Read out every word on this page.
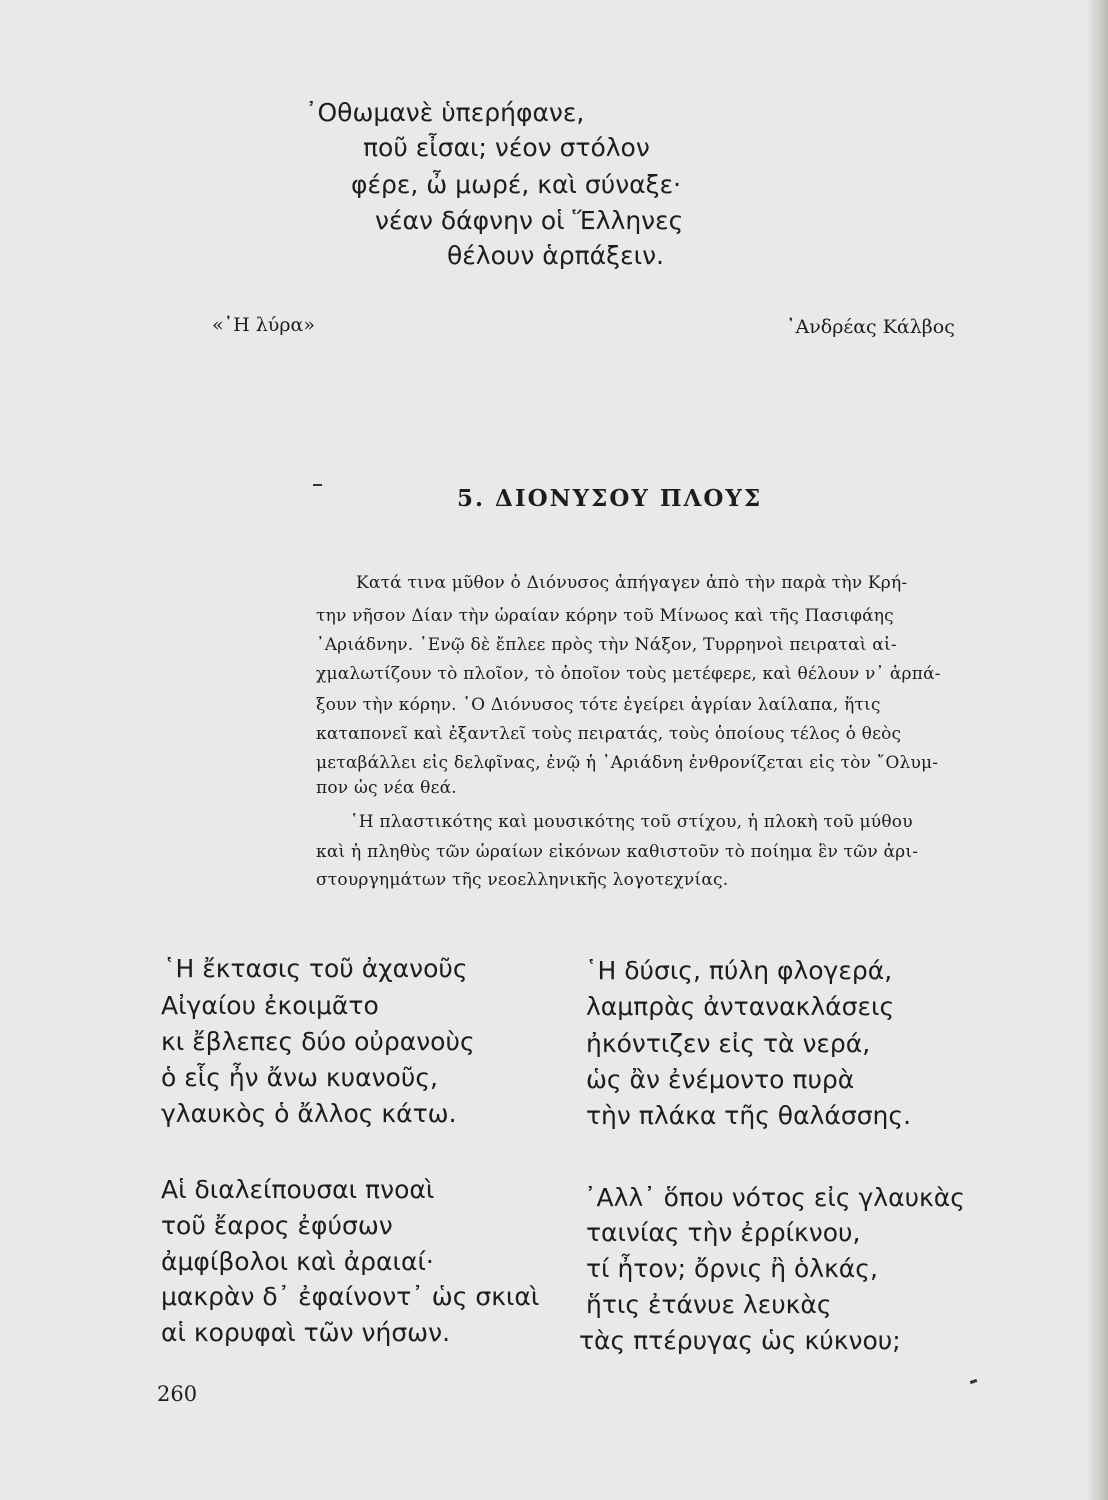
᾿Οθωμανὲ ὑπερήφανε,
ποῦ εἶσαι; νέον στόλον
φέρε, ὦ μωρέ, καὶ σύναξε·
νέαν δάφνην οἱ Ἕλληνες
θέλουν ἁρπάξειν.
«῾Η λύρα»	᾿Ανδρέας Κάλβος
5. ΔΙΟΝΥΣΟΥ ΠΛΟΥΣ
Κατά τινα μῦθον ὁ Διόνυσος ἀπήγαγεν ἀπὸ τὴν παρὰ τὴν Κρή-
την νῆσον Δίαν τὴν ὡραίαν κόρην τοῦ Μίνωος καὶ τῆς Πασιφάης
᾿Αριάδνην. ᾿Ενῷ δὲ ἔπλεε πρὸς τὴν Νάξον, Τυρρηνοὶ πειραταὶ αἰ-
χμαλωτίζουν τὸ πλοῖον, τὸ ὁποῖον τοὺς μετέφερε, καὶ θέλουν ν᾿ ἁρπά-
ξουν τὴν κόρην. ῾Ο Διόνυσος τότε ἐγείρει ἀγρίαν λαίλαπα, ἥτις
καταπονεῖ καὶ ἐξαντλεῖ τοὺς πειρατάς, τοὺς ὁποίους τέλος ὁ θεὸς
μεταβάλλει εἰς δελφῖνας, ἐνῷ ἡ ᾿Αριάδνη ἐνθρονίζεται εἰς τὸν ῎Ολυμ-
πον ὡς νέα θεά.
῾Η πλαστικότης καὶ μουσικότης τοῦ στίχου, ἡ πλοκὴ τοῦ μύθου
καὶ ἡ πληθὺς τῶν ὡραίων εἰκόνων καθιστοῦν τὸ ποίημα ἓν τῶν ἀρι-
στουργημάτων τῆς νεοελληνικῆς λογοτεχνίας.
῾Η ἔκτασις τοῦ ἀχανοῦς
Αἰγαίου ἐκοιμᾶτο
κι ἔβλεπες δύο οὐρανοὺς
ὁ εἷς ἦν ἄνω κυανοῦς,
γλαυκὸς ὁ ἄλλος κάτω.
Αἱ διαλείπουσαι πνοαὶ
τοῦ ἔαρος ἐφύσων
ἀμφίβολοι καὶ ἀραιαί·
μακρὰν δ᾿ ἐφαίνοντ᾿ ὡς σκιαὶ
αἱ κορυφαὶ τῶν νήσων.
῾Η δύσις, πύλη φλογερά,
λαμπρὰς ἀντανακλάσεις
ἠκόντιζεν εἰς τὰ νερά,
ὡς ἂν ἐνέμοντο πυρὰ
τὴν πλάκα τῆς θαλάσσης.
᾿Αλλ᾿ ὅπου νότος εἰς γλαυκὰς
ταινίας τὴν ἐρρίκνου,
τί ἦτον; ὄρνις ἢ ὁλκάς,
ἥτις ἐτάνυε λευκὰς
τὰς πτέρυγας ὡς κύκνου;
260
